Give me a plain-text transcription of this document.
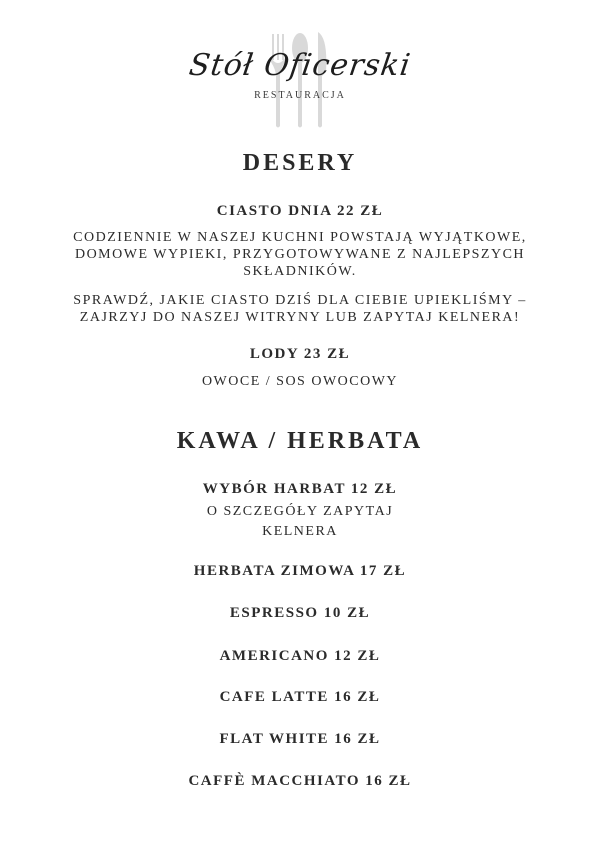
Stół Oficerski
RESTAURACJA
DESERY
CIASTO DNIA 22 ZŁ
CODZIENNIE W NASZEJ KUCHNI POWSTAJĄ WYJĄTKOWE,
DOMOWE WYPIEKI, PRZYGOTOWYWANE Z NAJLEPSZYCH
SKŁADNIKÓW.
SPRAWDŹ, JAKIE CIASTO DZIŚ DLA CIEBIE UPIEKLIŚMY –
ZAJRZYJ DO NASZEJ WITRYNY LUB ZAPYTAJ KELNERA!
LODY 23 ZŁ
OWOCE / SOS OWOCOWY
KAWA / HERBATA
WYBÓR HARBAT 12 ZŁ
O SZCZEGÓŁY ZAPYTAJ
KELNERA
HERBATA ZIMOWA 17 ZŁ
ESPRESSO 10 ZŁ
AMERICANO 12 ZŁ
CAFE LATTE 16 ZŁ
FLAT WHITE 16 ZŁ
CAFFÈ MACCHIATO 16 ZŁ
